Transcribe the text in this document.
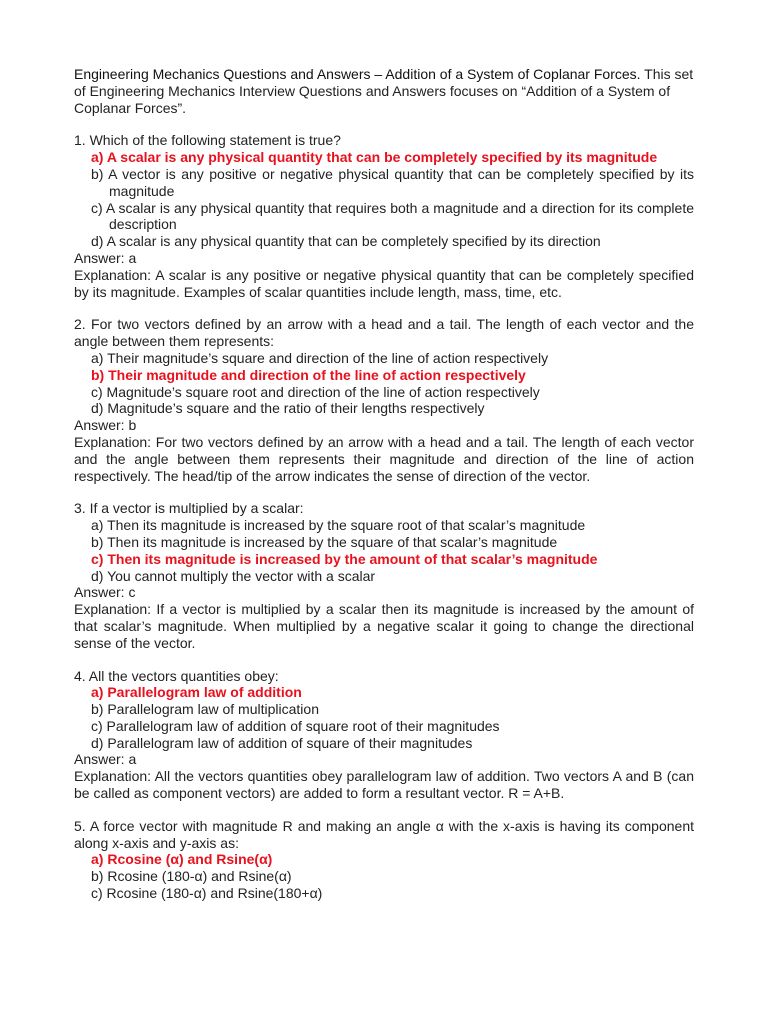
Engineering Mechanics Questions and Answers – Addition of a System of Coplanar Forces. This set of Engineering Mechanics Interview Questions and Answers focuses on “Addition of a System of Coplanar Forces”.

1. Which of the following statement is true?

a) A scalar is any physical quantity that can be completely specified by its magnitude
b) A vector is any positive or negative physical quantity that can be completely specified by its magnitude
c) A scalar is any physical quantity that requires both a magnitude and a direction for its complete description
d) A scalar is any physical quantity that can be completely specified by its direction

Answer: a

Explanation: A scalar is any positive or negative physical quantity that can be completely specified by its magnitude. Examples of scalar quantities include length, mass, time, etc.

2. For two vectors defined by an arrow with a head and a tail. The length of each vector and the angle between them represents:

a) Their magnitude’s square and direction of the line of action respectively
b) Their magnitude and direction of the line of action respectively
c) Magnitude’s square root and direction of the line of action respectively
d) Magnitude’s square and the ratio of their lengths respectively

Answer: b

Explanation: For two vectors defined by an arrow with a head and a tail. The length of each vector and the angle between them represents their magnitude and direction of the line of action respectively. The head/tip of the arrow indicates the sense of direction of the vector.

3. If a vector is multiplied by a scalar:

a) Then its magnitude is increased by the square root of that scalar’s magnitude
b) Then its magnitude is increased by the square of that scalar’s magnitude
c) Then its magnitude is increased by the amount of that scalar’s magnitude
d) You cannot multiply the vector with a scalar

Answer: c

Explanation: If a vector is multiplied by a scalar then its magnitude is increased by the amount of that scalar’s magnitude. When multiplied by a negative scalar it going to change the directional sense of the vector.

4. All the vectors quantities obey:

a) Parallelogram law of addition
b) Parallelogram law of multiplication
c) Parallelogram law of addition of square root of their magnitudes
d) Parallelogram law of addition of square of their magnitudes

Answer: a

Explanation: All the vectors quantities obey parallelogram law of addition. Two vectors A and B (can be called as component vectors) are added to form a resultant vector. R = A+B.

5. A force vector with magnitude R and making an angle α with the x-axis is having its component along x-axis and y-axis as:

a) Rcosine (α) and Rsine(α)
b) Rcosine (180-α) and Rsine(α)
c) Rcosine (180-α) and Rsine(180+α)
